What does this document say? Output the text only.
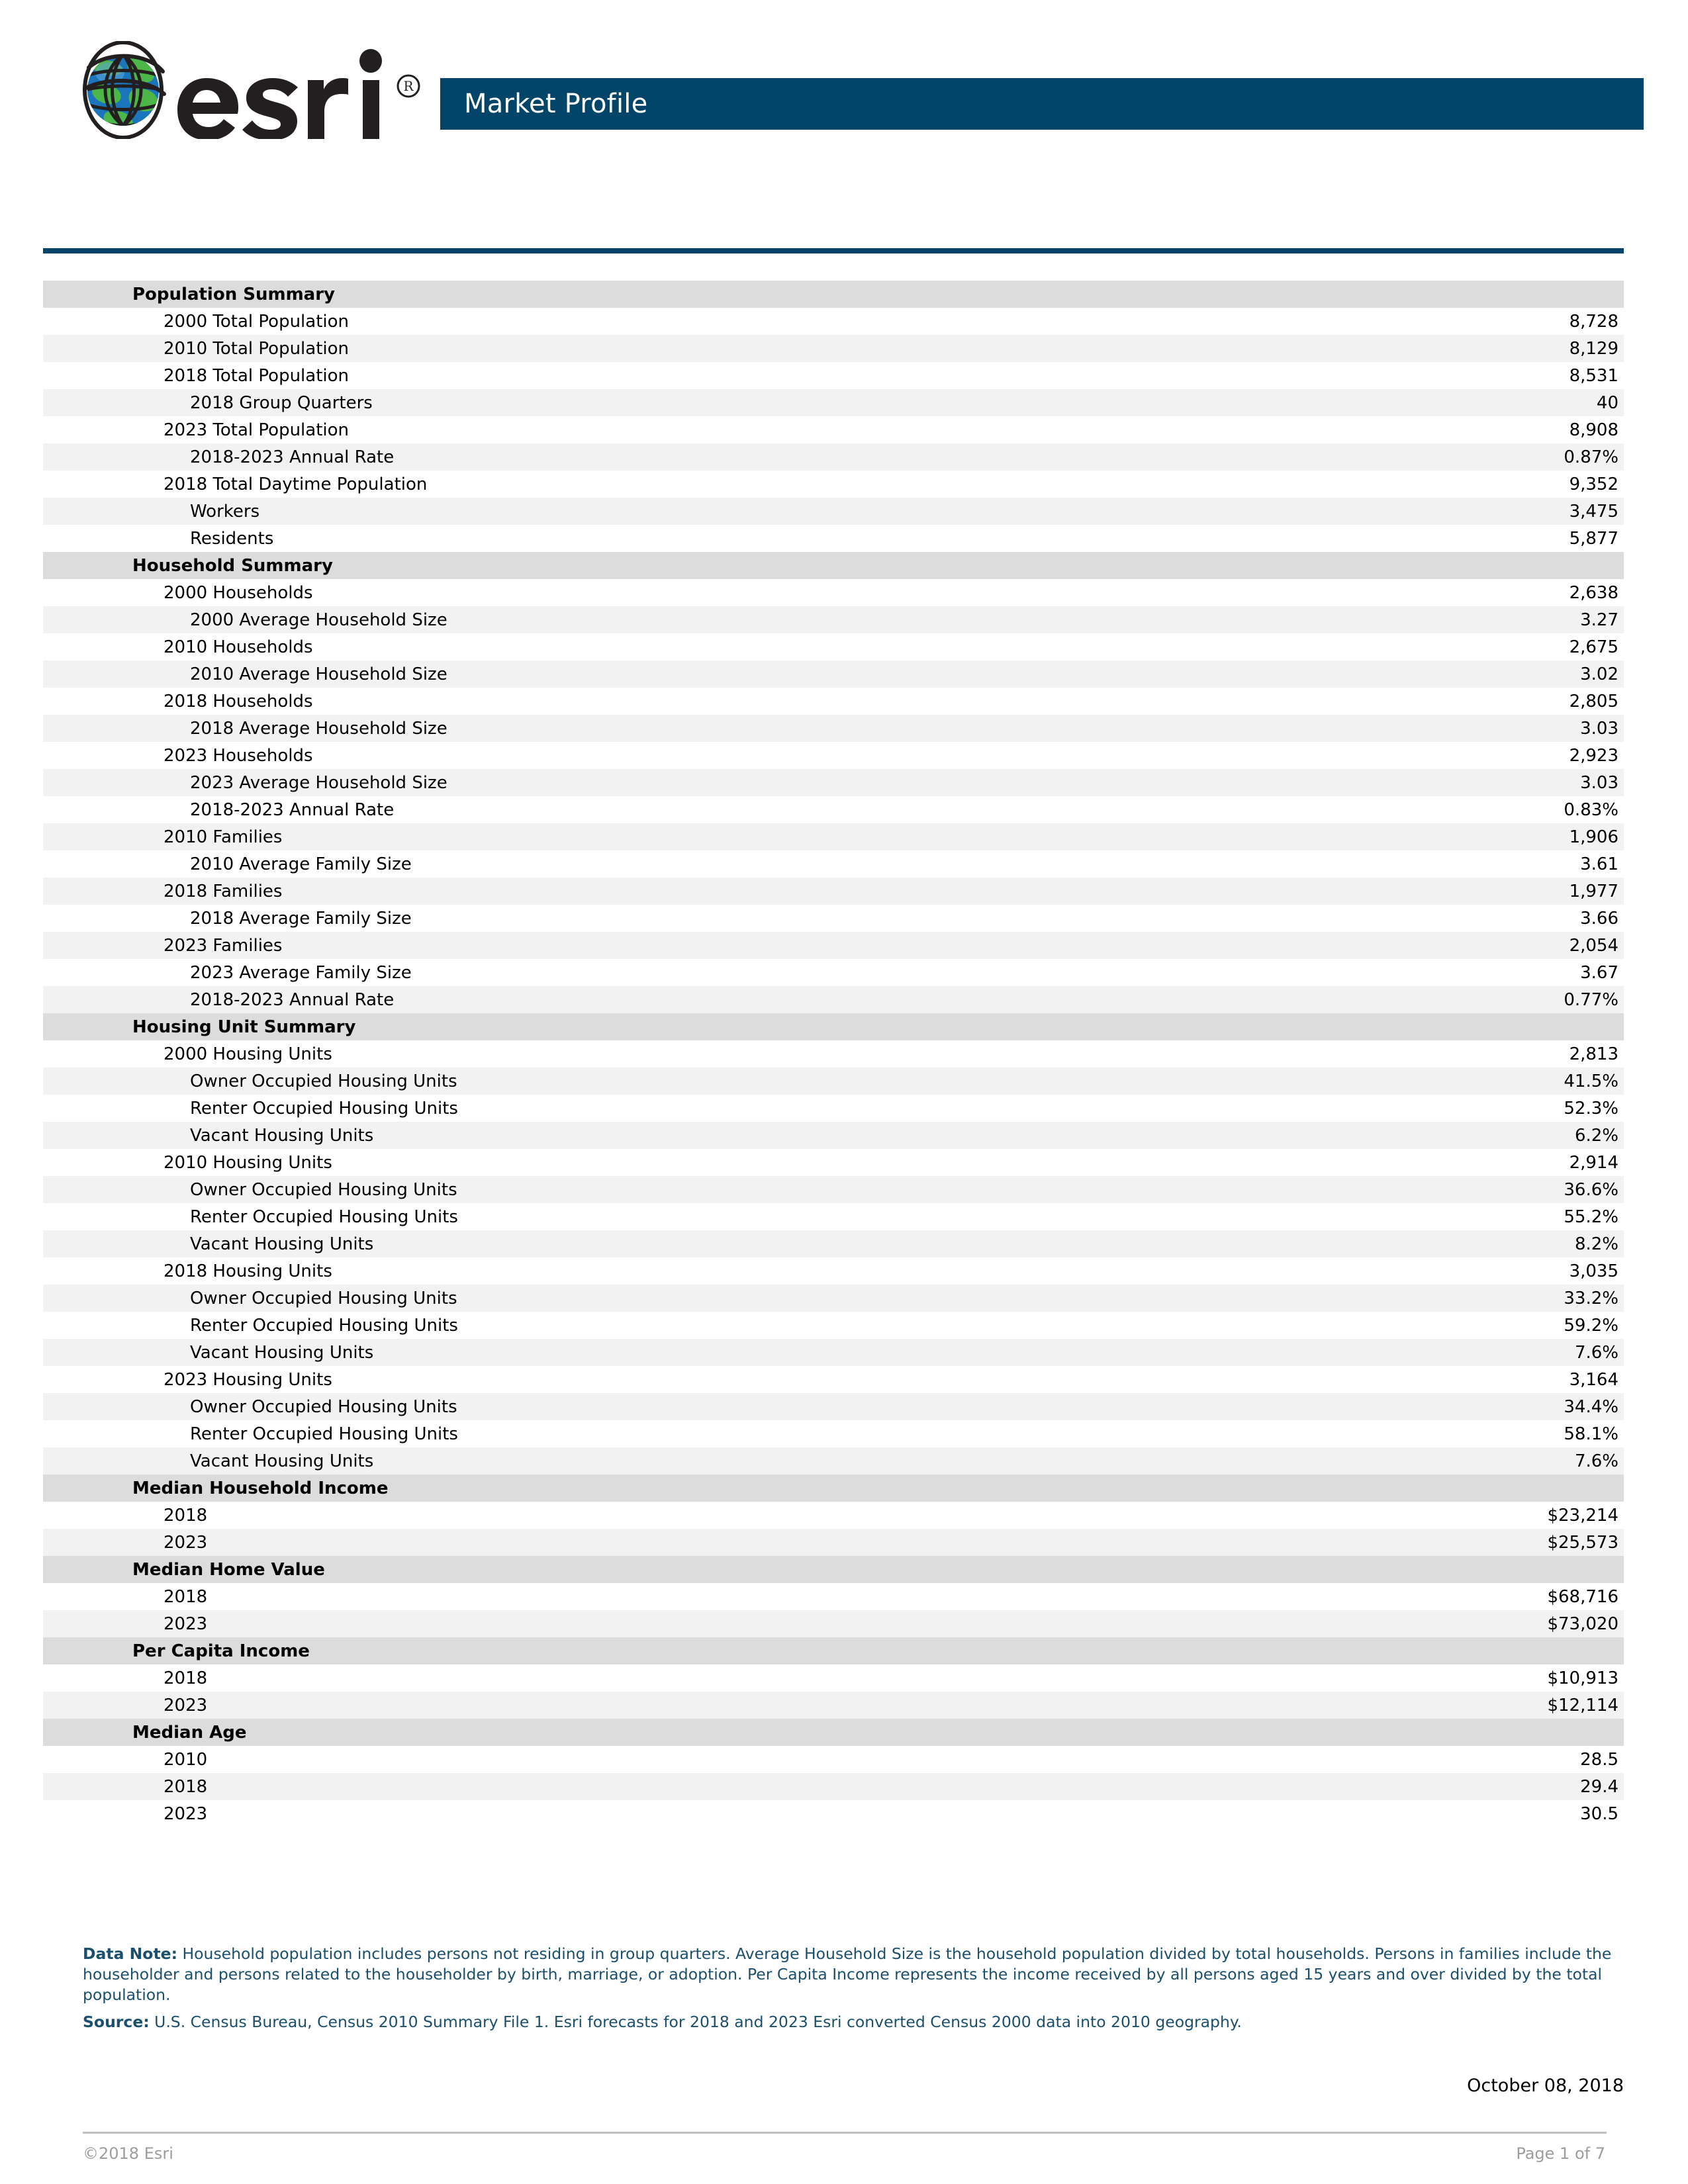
R
Market Profile
Population Summary
2000 Total Population	8,728
2010 Total Population	8,129
2018 Total Population	8,531
2018 Group Quarters	40
2023 Total Population	8,908
2018-2023 Annual Rate	0.87%
2018 Total Daytime Population	9,352
Workers	3,475
Residents	5,877
Household Summary
2000 Households	2,638
2000 Average Household Size	3.27
2010 Households	2,675
2010 Average Household Size	3.02
2018 Households	2,805
2018 Average Household Size	3.03
2023 Households	2,923
2023 Average Household Size	3.03
2018-2023 Annual Rate	0.83%
2010 Families	1,906
2010 Average Family Size	3.61
2018 Families	1,977
2018 Average Family Size	3.66
2023 Families	2,054
2023 Average Family Size	3.67
2018-2023 Annual Rate	0.77%
Housing Unit Summary
2000 Housing Units	2,813
Owner Occupied Housing Units	41.5%
Renter Occupied Housing Units	52.3%
Vacant Housing Units	6.2%
2010 Housing Units	2,914
Owner Occupied Housing Units	36.6%
Renter Occupied Housing Units	55.2%
Vacant Housing Units	8.2%
2018 Housing Units	3,035
Owner Occupied Housing Units	33.2%
Renter Occupied Housing Units	59.2%
Vacant Housing Units	7.6%
2023 Housing Units	3,164
Owner Occupied Housing Units	34.4%
Renter Occupied Housing Units	58.1%
Vacant Housing Units	7.6%
Median Household Income
2018	$23,214
2023	$25,573
Median Home Value
2018	$68,716
2023	$73,020
Per Capita Income
2018	$10,913
2023	$12,114
Median Age
2010	28.5
2018	29.4
2023	30.5
Data Note: Household population includes persons not residing in group quarters. Average Household Size is the household population divided by total households. Persons in families include the householder and persons related to the householder by birth, marriage, or adoption. Per Capita Income represents the income received by all persons aged 15 years and over divided by the total population.
Source: U.S. Census Bureau, Census 2010 Summary File 1. Esri forecasts for 2018 and 2023 Esri converted Census 2000 data into 2010 geography.
October 08, 2018
©2018 Esri	Page 1 of 7
